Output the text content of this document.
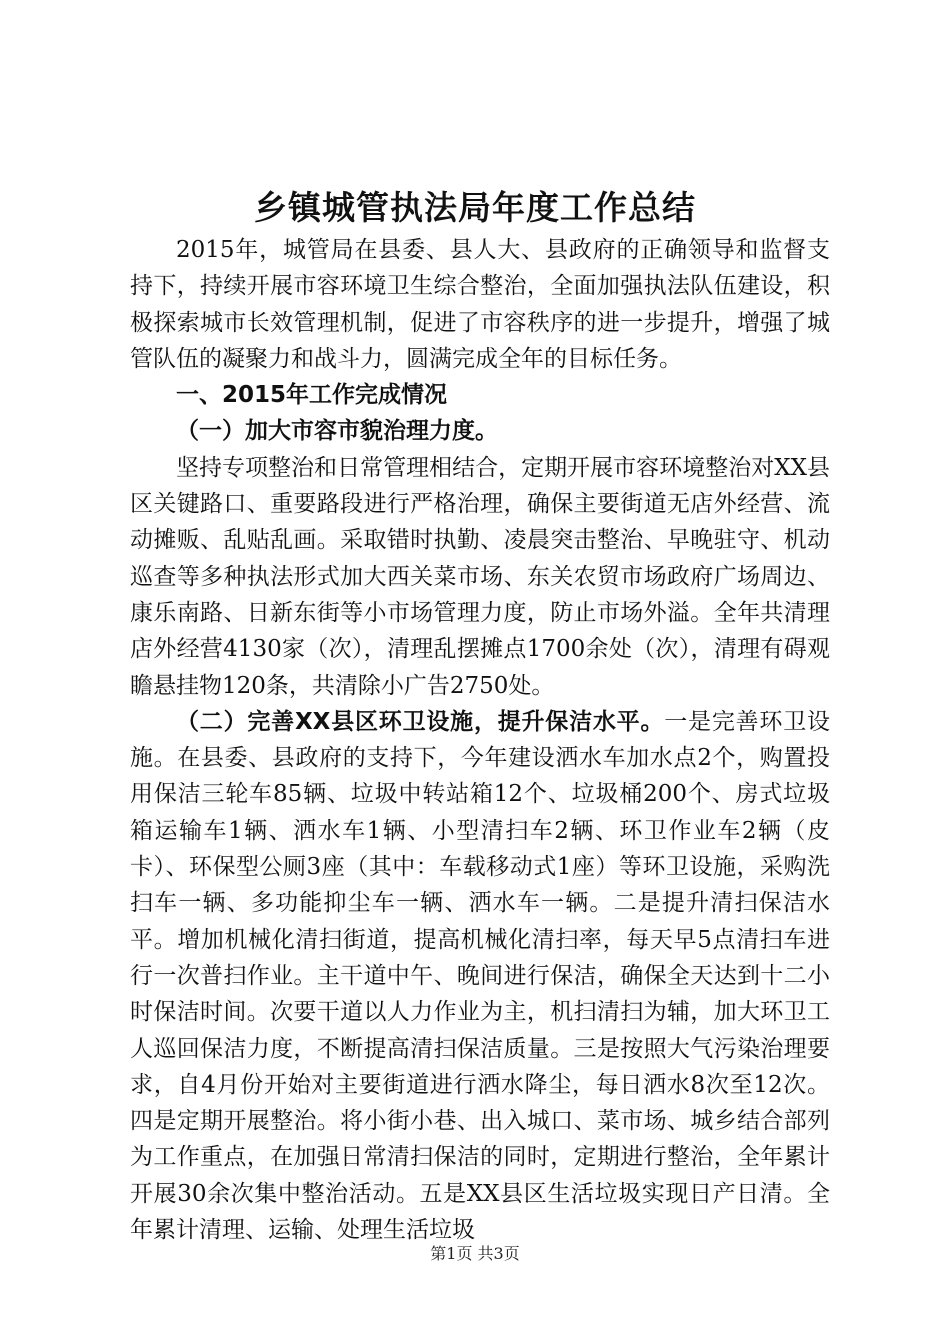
乡镇城管执法局年度工作总结

2015年，城管局在县委、县人大、县政府的正确领导和监督支持下，持续开展市容环境卫生综合整治，全面加强执法队伍建设，积极探索城市长效管理机制，促进了市容秩序的进一步提升，增强了城管队伍的凝聚力和战斗力，圆满完成全年的目标任务。

一、2015年工作完成情况

（一）加大市容市貌治理力度。

坚持专项整治和日常管理相结合，定期开展市容环境整治对XX县区关键路口、重要路段进行严格治理，确保主要街道无店外经营、流动摊贩、乱贴乱画。采取错时执勤、凌晨突击整治、早晚驻守、机动巡查等多种执法形式加大西关菜市场、东关农贸市场政府广场周边、康乐南路、日新东街等小市场管理力度，防止市场外溢。全年共清理店外经营4130家（次），清理乱摆摊点1700余处（次），清理有碍观瞻悬挂物120条，共清除小广告2750处。

（二）完善XX县区环卫设施，提升保洁水平。一是完善环卫设施。在县委、县政府的支持下，今年建设洒水车加水点2个，购置投用保洁三轮车85辆、垃圾中转站箱12个、垃圾桶200个、房式垃圾箱运输车1辆、洒水车1辆、小型清扫车2辆、环卫作业车2辆（皮卡）、环保型公厕3座（其中：车载移动式1座）等环卫设施，采购洗扫车一辆、多功能抑尘车一辆、洒水车一辆。二是提升清扫保洁水平。增加机械化清扫街道，提高机械化清扫率，每天早5点清扫车进行一次普扫作业。主干道中午、晚间进行保洁，确保全天达到十二小时保洁时间。次要干道以人力作业为主，机扫清扫为辅，加大环卫工人巡回保洁力度，不断提高清扫保洁质量。三是按照大气污染治理要求，自4月份开始对主要街道进行洒水降尘，每日洒水8次至12次。四是定期开展整治。将小街小巷、出入城口、菜市场、城乡结合部列为工作重点，在加强日常清扫保洁的同时，定期进行整治，全年累计开展30余次集中整治活动。五是XX县区生活垃圾实现日产日清。全年累计清理、运输、处理生活垃圾

第1页 共3页
